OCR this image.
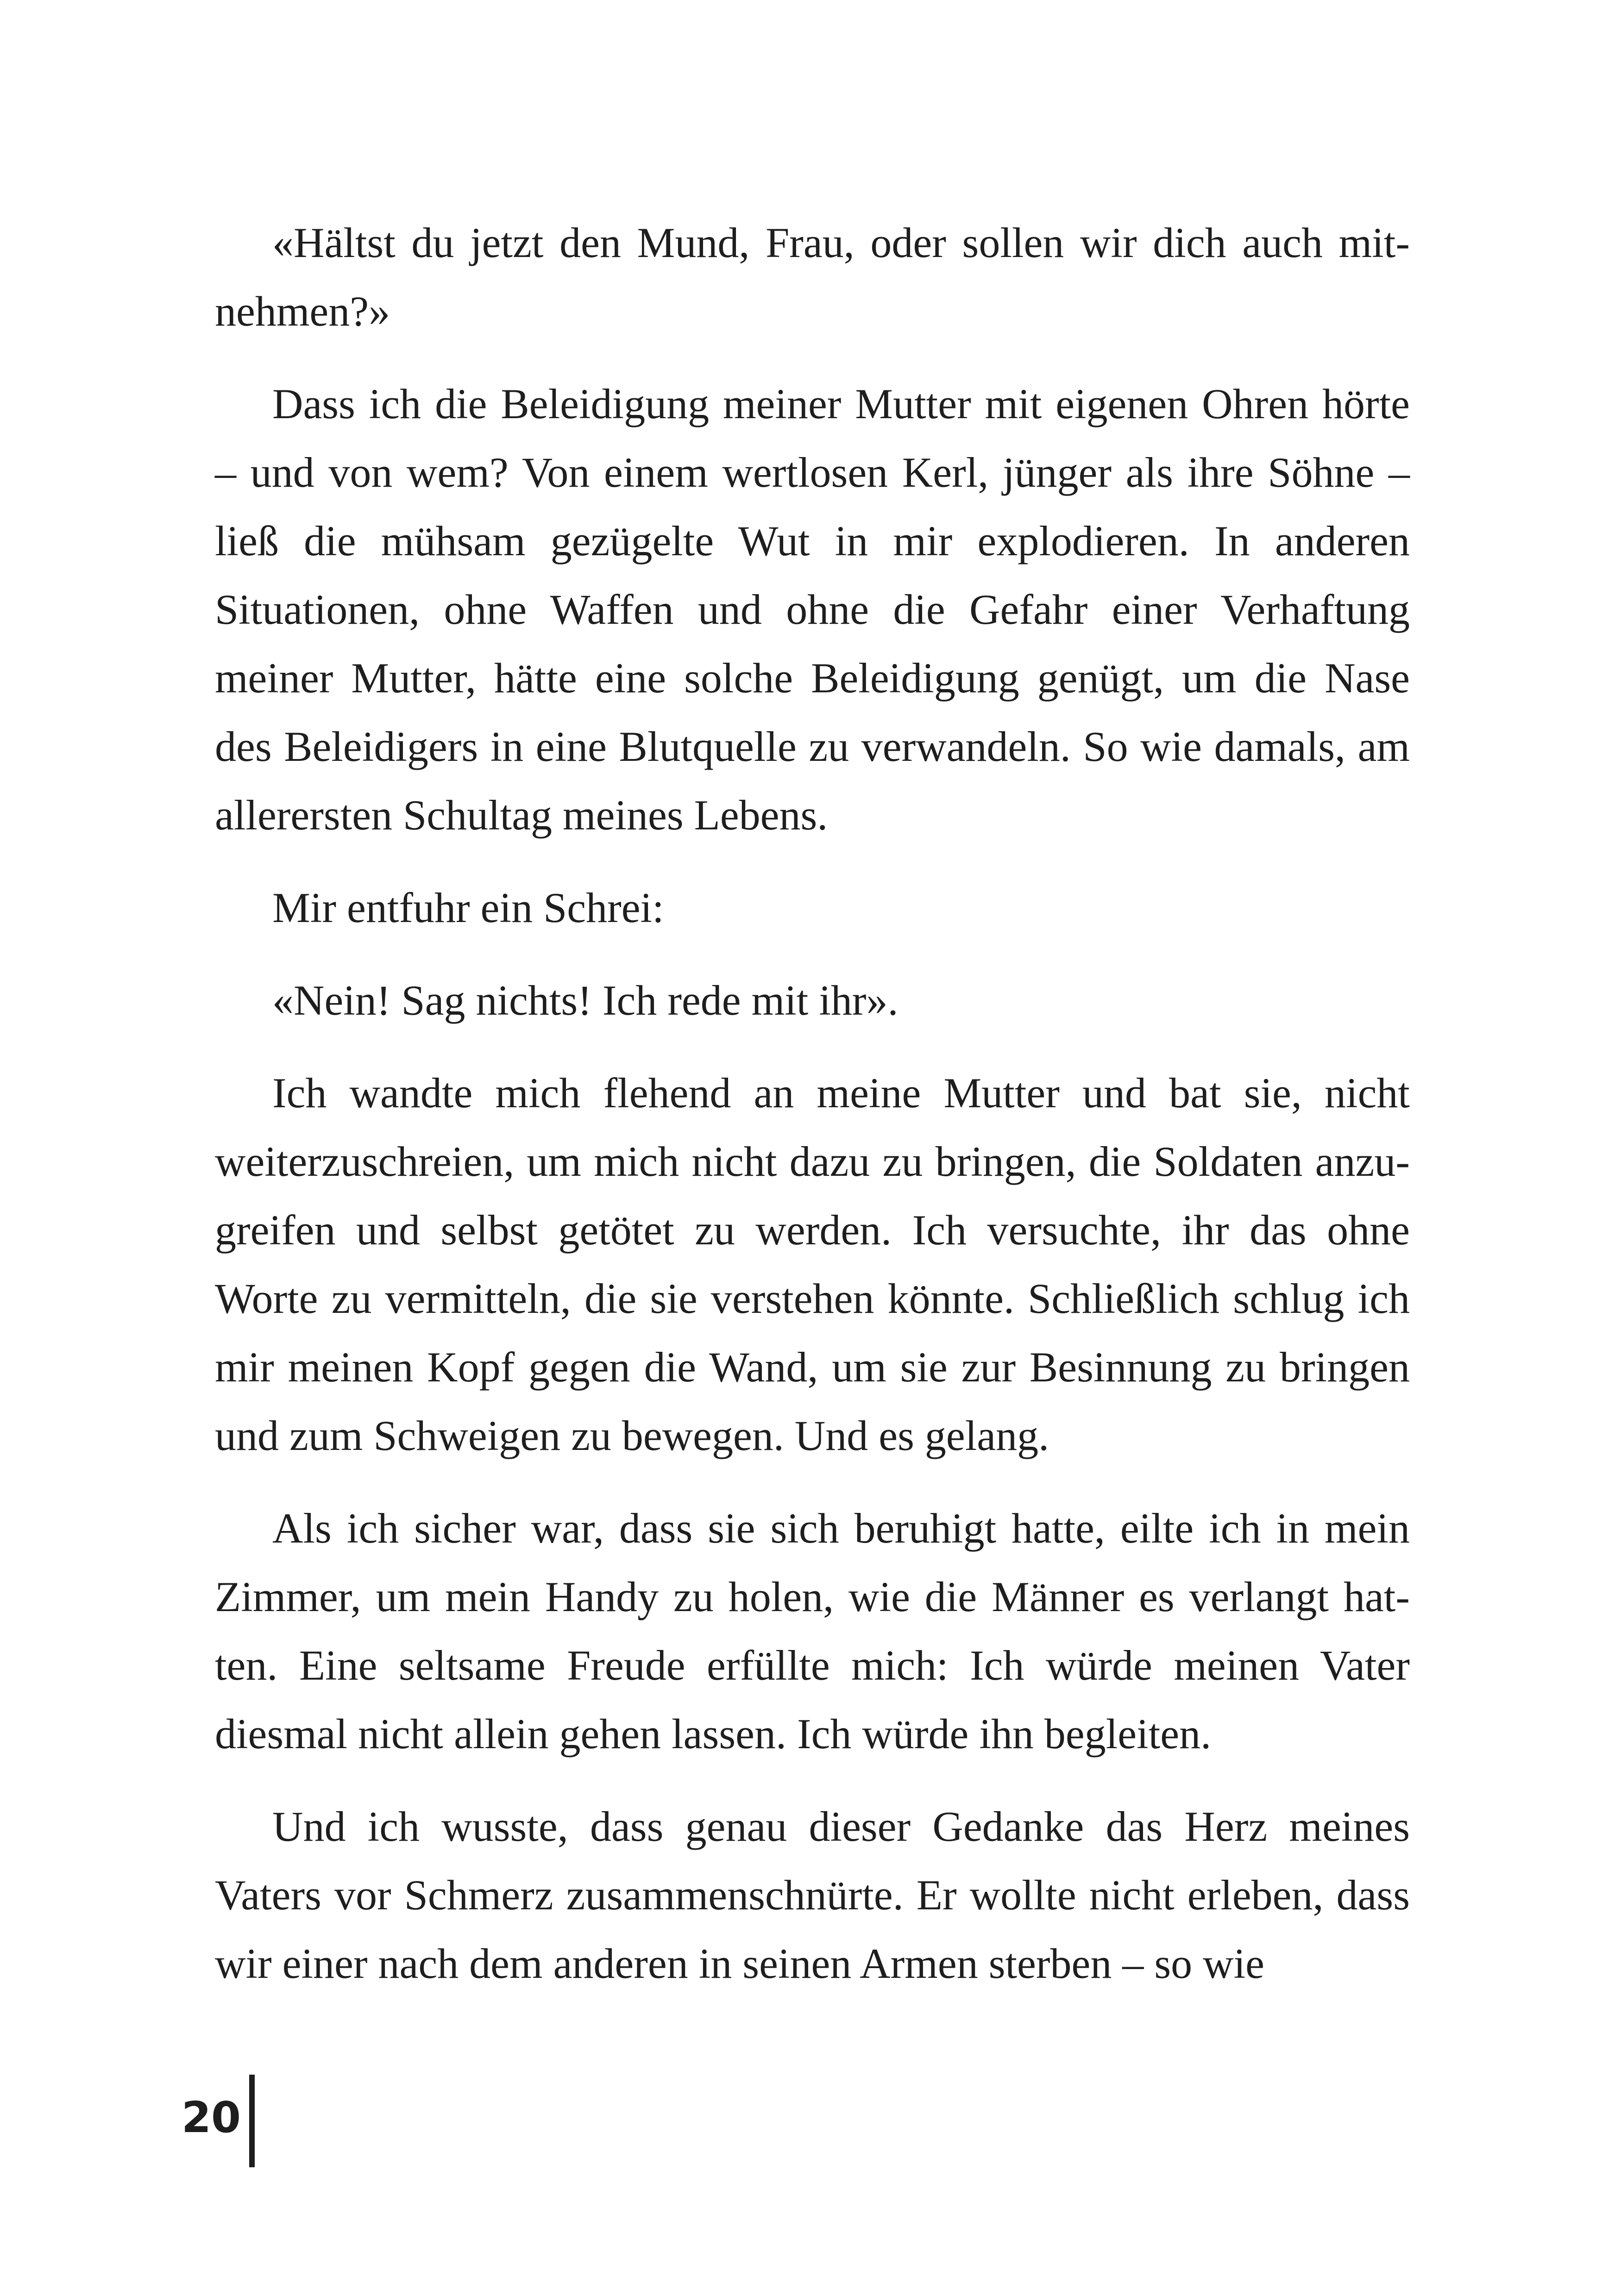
«Hältst du jetzt den Mund, Frau, oder sollen wir dich auch mitnehmen?»

Dass ich die Beleidigung meiner Mutter mit eigenen Ohren hörte – und von wem? Von einem wertlosen Kerl, jünger als ihre Söhne – ließ die mühsam gezügelte Wut in mir explodieren. In anderen Situationen, ohne Waffen und ohne die Gefahr einer Verhaftung meiner Mutter, hätte eine solche Beleidigung genügt, um die Nase des Beleidigers in eine Blutquelle zu verwandeln. So wie damals, am allerersten Schultag meines Lebens.

Mir entfuhr ein Schrei:

«Nein! Sag nichts! Ich rede mit ihr».

Ich wandte mich flehend an meine Mutter und bat sie, nicht weiterzuschreien, um mich nicht dazu zu bringen, die Soldaten anzugreifen und selbst getötet zu werden. Ich versuchte, ihr das ohne Worte zu vermitteln, die sie verstehen könnte. Schließlich schlug ich mir meinen Kopf gegen die Wand, um sie zur Besinnung zu bringen und zum Schweigen zu bewegen. Und es gelang.

Als ich sicher war, dass sie sich beruhigt hatte, eilte ich in mein Zimmer, um mein Handy zu holen, wie die Männer es verlangt hatten. Eine seltsame Freude erfüllte mich: Ich würde meinen Vater diesmal nicht allein gehen lassen. Ich würde ihn begleiten.

Und ich wusste, dass genau dieser Gedanke das Herz meines Vaters vor Schmerz zusammenschnürte. Er wollte nicht erleben, dass wir einer nach dem anderen in seinen Armen sterben – so wie

20
